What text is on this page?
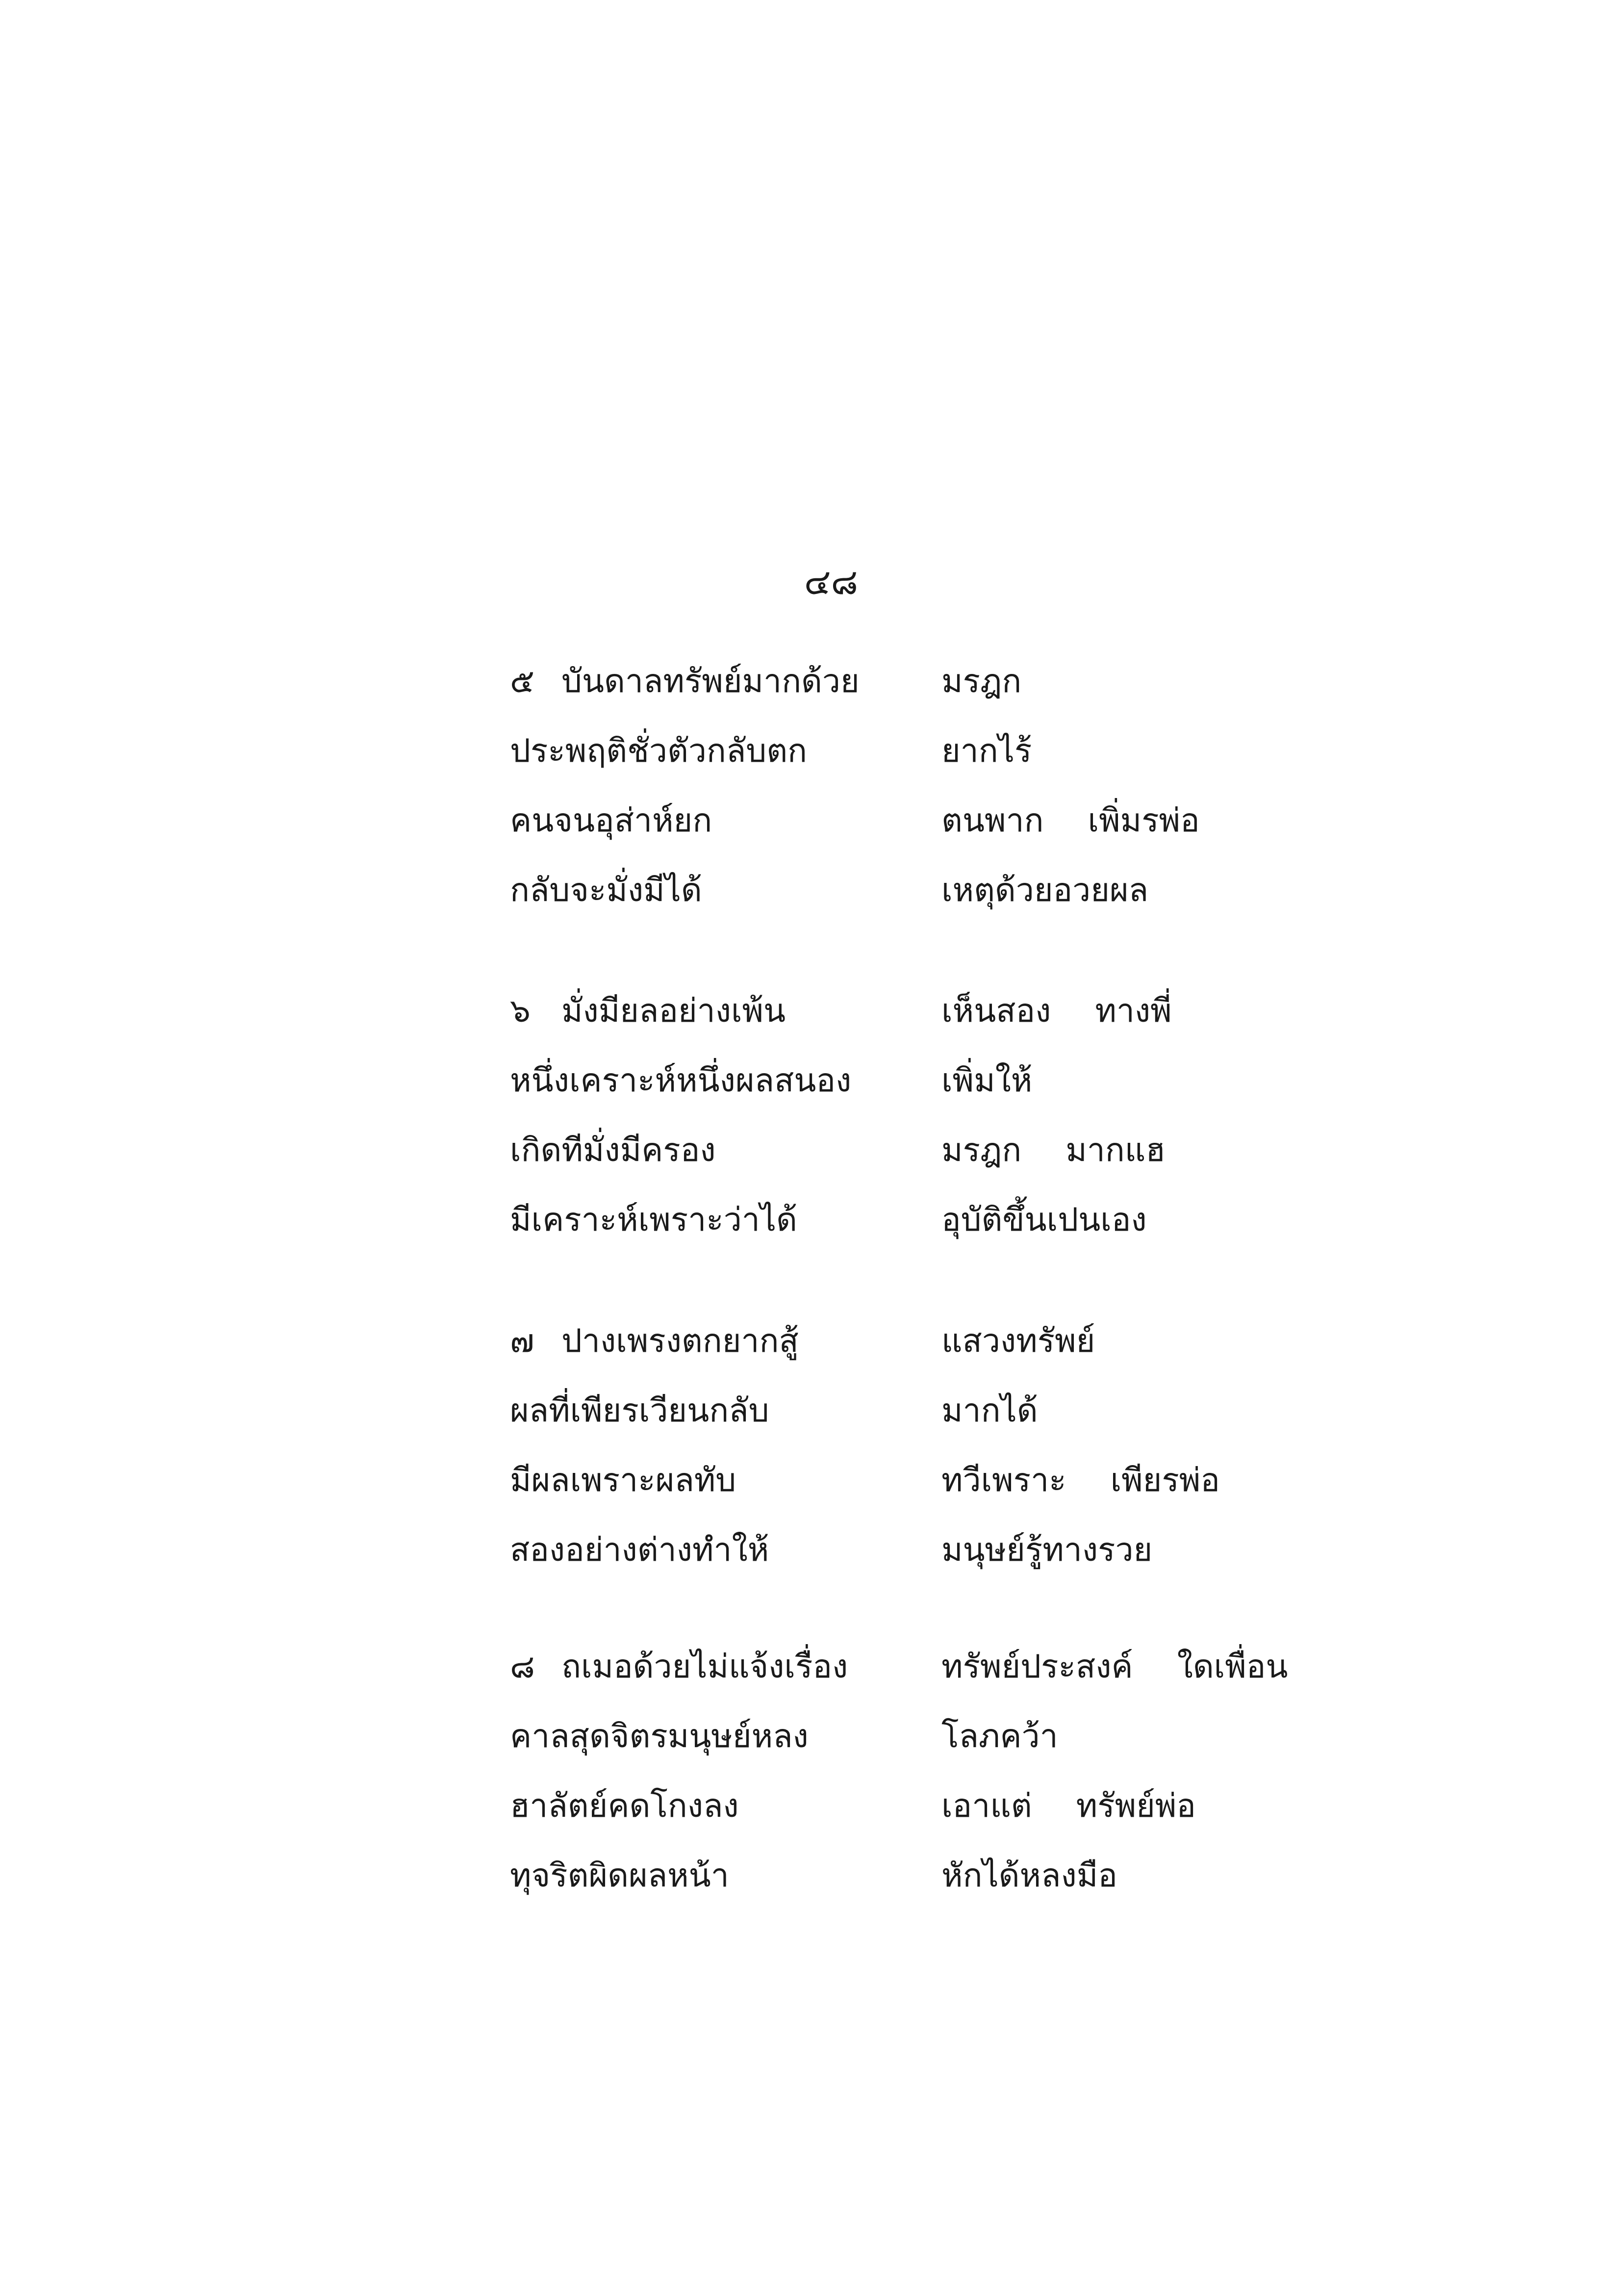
๔๘
๕ บันดาลทรัพย์มากด้วย	มรฎก
ประพฤติชั่วตัวกลับตก	ยากไร้
คนจนอุส่าห์ยก	ตนพาก เพิ่มรพ่อ
กลับจะมั่งมีได้	เหตุด้วยอวยผล
๖ มั่งมียลอย่างเพ้น	เห็นสอง ทางพี่
หนึ่งเคราะห์หนึ่งผลสนอง	เพิ่มให้
เกิดทีมั่งมีครอง	มรฎก มากแฮ
มีเคราะห์เพราะว่าได้	อุบัติขึ้นเปนเอง
๗ ปางเพรงตกยากสู้	แสวงทรัพย์
ผลที่เพียรเวียนกลับ	มากได้
มีผลเพราะผลทับ	ทวีเพราะ เพียรพ่อ
สองอย่างต่างทำให้	มนุษย์รู้ทางรวย
๘ ถเมอด้วยไม่แจ้งเรื่อง	ทรัพย์ประสงค์ ใดเพื่อน
คาลสุดจิตรมนุษย์หลง	โลภคว้า
ฮาลัตย์คดโกงลง	เอาแต่ ทรัพย์พ่อ
ทุจริตผิดผลหน้า	หักได้หลงมือ
